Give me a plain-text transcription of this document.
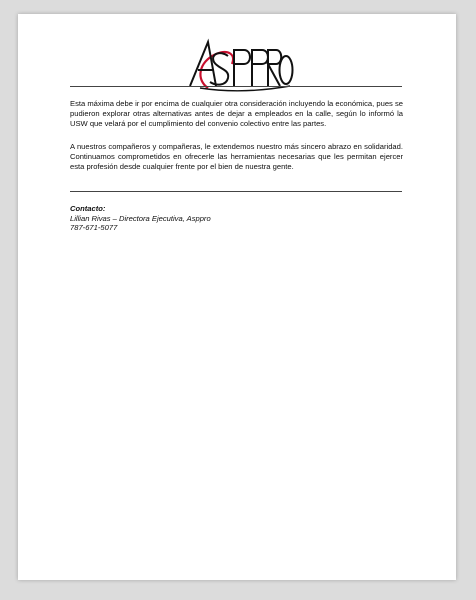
Esta máxima debe ir por encima de cualquier otra consideración incluyendo la económica, pues se pudieron explorar otras alternativas antes de dejar a empleados en la calle, según lo informó la USW que velará por el cumplimiento del convenio colectivo entre las partes.

A nuestros compañeros y compañeras, le extendemos nuestro más sincero abrazo en solidaridad. Continuamos comprometidos en ofrecerle las herramientas necesarias que les permitan ejercer esta profesión desde cualquier frente por el bien de nuestra gente.

Contacto:
Lillian Rivas – Directora Ejecutiva, Asppro
787-671-5077
